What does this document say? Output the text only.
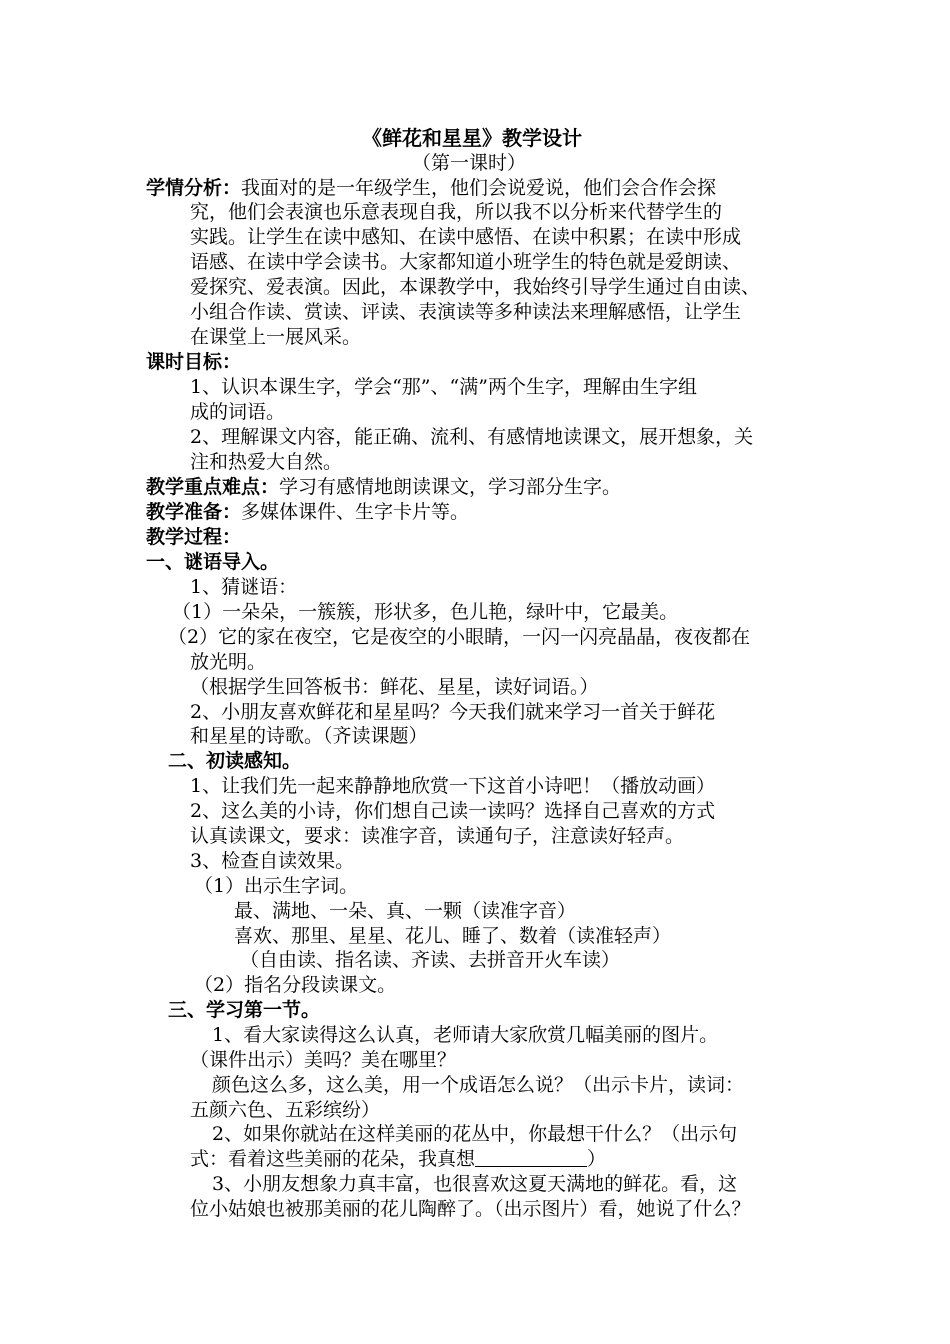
《鲜花和星星》教学设计
（第一课时）
学情分析：我面对的是一年级学生，他们会说爱说，他们会合作会探
究，他们会表演也乐意表现自我，所以我不以分析来代替学生的
实践。让学生在读中感知、在读中感悟、在读中积累；在读中形成
语感、在读中学会读书。大家都知道小班学生的特色就是爱朗读、
爱探究、爱表演。因此，本课教学中，我始终引导学生通过自由读、
小组合作读、赏读、评读、表演读等多种读法来理解感悟，让学生
在课堂上一展风采。
课时目标：
1、认识本课生字，学会“那”、“满”两个生字，理解由生字组
成的词语。
2、理解课文内容，能正确、流利、有感情地读课文，展开想象，关
注和热爱大自然。
教学重点难点：学习有感情地朗读课文，学习部分生字。
教学准备：多媒体课件、生字卡片等。
教学过程：
一、谜语导入。
1、猜谜语：
（1）一朵朵，一簇簇，形状多，色儿艳，绿叶中，它最美。
（2）它的家在夜空，它是夜空的小眼睛，一闪一闪亮晶晶，夜夜都在
放光明。
（根据学生回答板书：鲜花、星星，读好词语。）
2、小朋友喜欢鲜花和星星吗？今天我们就来学习一首关于鲜花
和星星的诗歌。（齐读课题）
二、初读感知。
1、让我们先一起来静静地欣赏一下这首小诗吧！（播放动画）
2、这么美的小诗，你们想自己读一读吗？选择自己喜欢的方式
认真读课文，要求：读准字音，读通句子，注意读好轻声。
3、检查自读效果。
（1）出示生字词。
最、满地、一朵、真、一颗（读准字音）
喜欢、那里、星星、花儿、睡了、数着（读准轻声）
（自由读、指名读、齐读、去拼音开火车读）
（2）指名分段读课文。
三、学习第一节。
1、看大家读得这么认真，老师请大家欣赏几幅美丽的图片。
（课件出示）美吗？美在哪里？
颜色这么多，这么美，用一个成语怎么说？（出示卡片，读词：
五颜六色、五彩缤纷）
2、如果你就站在这样美丽的花丛中，你最想干什么？（出示句
式：看着这些美丽的花朵，我真想	）
3、小朋友想象力真丰富，也很喜欢这夏天满地的鲜花。看，这
位小姑娘也被那美丽的花儿陶醉了。（出示图片）看，她说了什么？
